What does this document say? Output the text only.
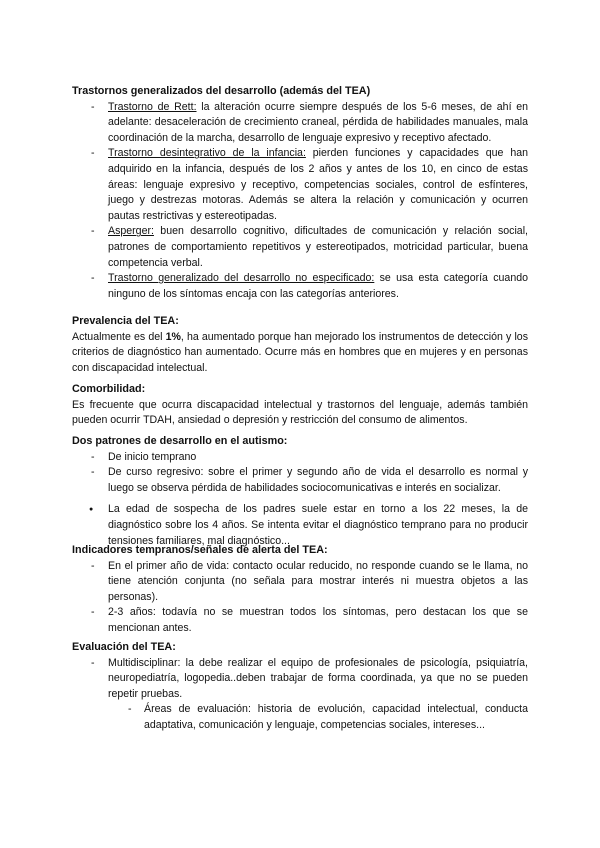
Trastornos generalizados del desarrollo (además del TEA)
- Trastorno de Rett: la alteración ocurre siempre después de los 5-6 meses, de ahí en adelante: desaceleración de crecimiento craneal, pérdida de habilidades manuales, mala coordinación de la marcha, desarrollo de lenguaje expresivo y receptivo afectado.
- Trastorno desintegrativo de la infancia: pierden funciones y capacidades que han adquirido en la infancia, después de los 2 años y antes de los 10, en cinco de estas áreas: lenguaje expresivo y receptivo, competencias sociales, control de esfínteres, juego y destrezas motoras. Además se altera la relación y comunicación y ocurren pautas restrictivas y estereotipadas.
- Asperger: buen desarrollo cognitivo, dificultades de comunicación y relación social, patrones de comportamiento repetitivos y estereotipados, motricidad particular, buena competencia verbal.
- Trastorno generalizado del desarrollo no especificado: se usa esta categoría cuando ninguno de los síntomas encaja con las categorías anteriores.
Prevalencia del TEA:

Actualmente es del 1%, ha aumentado porque han mejorado los instrumentos de detección y los criterios de diagnóstico han aumentado. Ocurre más en hombres que en mujeres y en personas con discapacidad intelectual.

Comorbilidad:

Es frecuente que ocurra discapacidad intelectual y trastornos del lenguaje, además también pueden ocurrir TDAH, ansiedad o depresión y restricción del consumo de alimentos.

Dos patrones de desarrollo en el autismo:
- De inicio temprano
- De curso regresivo: sobre el primer y segundo año de vida el desarrollo es normal y luego se observa pérdida de habilidades sociocomunicativas e interés en socializar.
● La edad de sospecha de los padres suele estar en torno a los 22 meses, la de diagnóstico sobre los 4 años. Se intenta evitar el diagnóstico temprano para no producir tensiones familiares, mal diagnóstico...
Indicadores tempranos/señales de alerta del TEA:
- En el primer año de vida: contacto ocular reducido, no responde cuando se le llama, no tiene atención conjunta (no señala para mostrar interés ni muestra objetos a las personas).
- 2-3 años: todavía no se muestran todos los síntomas, pero destacan los que se mencionan antes.
Evaluación del TEA:
- Multidisciplinar: la debe realizar el equipo de profesionales de psicología, psiquiatría, neuropediatría, logopedia..deben trabajar de forma coordinada, ya que no se pueden repetir pruebas.
- Áreas de evaluación: historia de evolución, capacidad intelectual, conducta adaptativa, comunicación y lenguaje, competencias sociales, intereses...
